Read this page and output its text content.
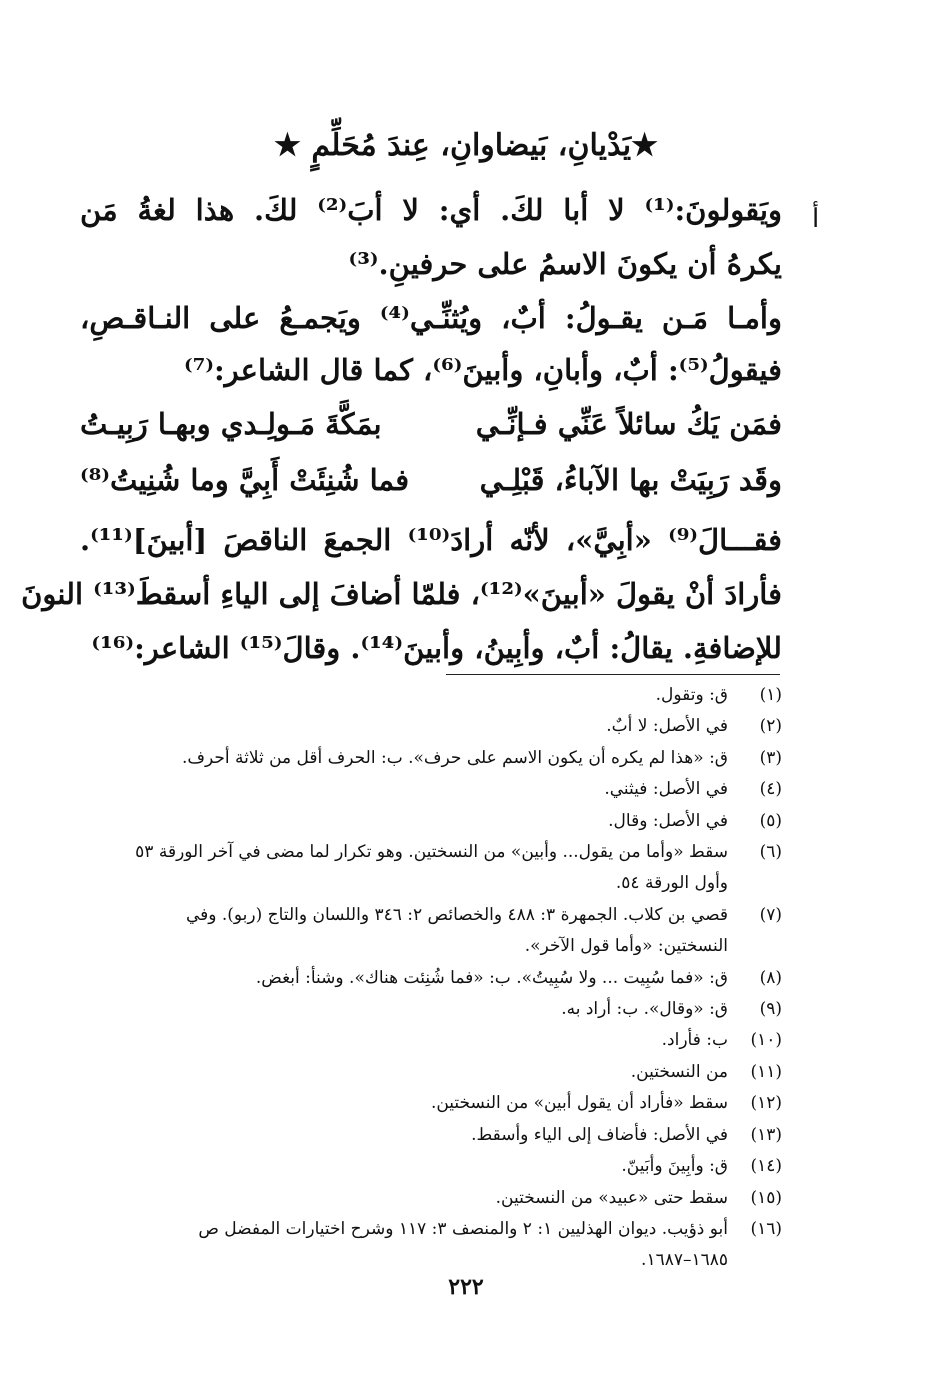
★يَدْيانِ، بَيضاوانِ، عِندَ مُحَلِّمٍ ★
أ
ويَقولونَ:⁽¹⁾ لا أبا لكَ. أي: لا أبَ⁽²⁾ لكَ. هذا لغةُ مَن
يكرهُ أن يكونَ الاسمُ على حرفينِ.⁽³⁾
وأمـا مَـن يقـولُ: أبٌ، ويُثنِّـي⁽⁴⁾ ويَجمـعُ على النـاقـصِ،
فيقولُ⁽⁵⁾: أبٌ، وأبانِ، وأبينَ⁽⁶⁾، كما قال الشاعر:⁽⁷⁾
فمَن يَكُ سائلاً عَنِّي فـإنِّـي
بمَكَّةَ مَـولِـدي وبهـا رَبِيـتُ
وقَد رَبِيَتْ بها الآباءُ، قَبْلِـي
فما شُنِئَتْ أَبِيَّ وما شُنِيتُ⁽⁸⁾
فقـــالَ⁽⁹⁾ «أبِيَّ»، لأنّه أرادَ⁽¹⁰⁾ الجمعَ الناقصَ [أبينَ]⁽¹¹⁾.
فأرادَ أنْ يقولَ «أبينَ»⁽¹²⁾، فلمّا أضافَ إلى الياءِ أسقطَ⁽¹³⁾ النونَ
للإضافةِ. يقالُ: أبٌ، وأبِينُ، وأبينَ⁽¹⁴⁾. وقالَ⁽¹⁵⁾ الشاعر:⁽¹⁶⁾
(١)
ق: وتقول.
(٢)
في الأصل: لا أبٌ.
(٣)
ق: «هذا لم يكره أن يكون الاسم على حرف». ب: الحرف أقل من ثلاثة أحرف.
(٤)
في الأصل: فيثني.
(٥)
في الأصل: وقال.
(٦)
سقط «وأما من يقول... وأبين» من النسختين. وهو تكرار لما مضى في آخر الورقة ٥٣
وأول الورقة ٥٤.
(٧)
قصي بن كلاب. الجمهرة ٣: ٤٨٨ والخصائص ٢: ٣٤٦ واللسان والتاج (ربو). وفي
النسختين: «وأما قول الآخر».
(٨)
ق: «فما سُبِيت ... ولا سُبِيتُ». ب: «فما شُنِئت هناك». وشنأ: أبغض.
(٩)
ق: «وقال». ب: أراد به.
(١٠)
ب: فأراد.
(١١)
من النسختين.
(١٢)
سقط «فأراد أن يقول أبين» من النسختين.
(١٣)
في الأصل: فأضاف إلى الياء وأسقط.
(١٤)
ق: وأبِينَ وأبَينّ.
(١٥)
سقط حتى «عبيد» من النسختين.
(١٦)
أبو ذؤيب. ديوان الهذليين ١: ٢ والمنصف ٣: ١١٧ وشرح اختيارات المفضل ص
١٦٨٥–١٦٨٧.
٢٢٢
